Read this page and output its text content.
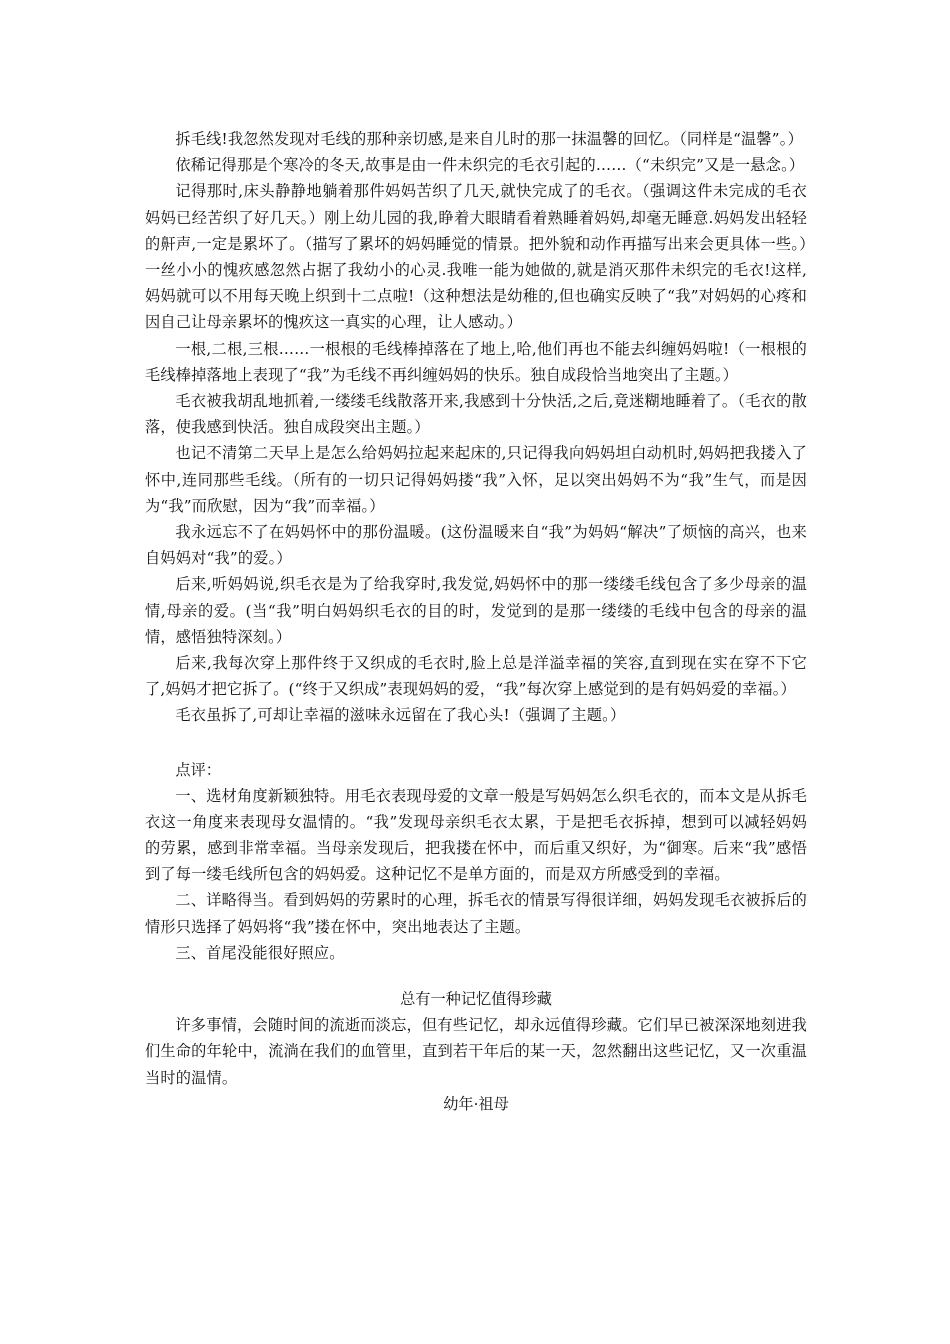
拆毛线!我忽然发现对毛线的那种亲切感,是来自儿时的那一抹温馨的回忆。（同样是“温馨”。）

依稀记得那是个寒冷的冬天,故事是由一件未织完的毛衣引起的……（“未织完”又是一悬念。）

记得那时,床头静静地躺着那件妈妈苦织了几天,就快完成了的毛衣。（强调这件未完成的毛衣妈妈已经苦织了好几天。）刚上幼儿园的我,睁着大眼睛看着熟睡着妈妈,却毫无睡意.妈妈发出轻轻的鼾声,一定是累坏了。（描写了累坏的妈妈睡觉的情景。把外貌和动作再描写出来会更具体一些。）一丝小小的愧疚感忽然占据了我幼小的心灵.我唯一能为她做的,就是消灭那件未织完的毛衣!这样,妈妈就可以不用每天晚上织到十二点啦!（这种想法是幼稚的,但也确实反映了“我”对妈妈的心疼和因自己让母亲累坏的愧疚这一真实的心理，让人感动。）

一根,二根,三根……一根根的毛线棒掉落在了地上,哈,他们再也不能去纠缠妈妈啦!（一根根的毛线棒掉落地上表现了“我”为毛线不再纠缠妈妈的快乐。独自成段恰当地突出了主题。）

毛衣被我胡乱地抓着,一缕缕毛线散落开来,我感到十分快活,之后,竟迷糊地睡着了。（毛衣的散落，使我感到快活。独自成段突出主题。）

也记不清第二天早上是怎么给妈妈拉起来起床的,只记得我向妈妈坦白动机时,妈妈把我搂入了怀中,连同那些毛线。（所有的一切只记得妈妈搂“我”入怀，足以突出妈妈不为“我”生气，而是因为“我”而欣慰，因为“我”而幸福。）

我永远忘不了在妈妈怀中的那份温暖。(这份温暖来自“我”为妈妈“解决”了烦恼的高兴，也来自妈妈对“我”的爱。）

后来,听妈妈说,织毛衣是为了给我穿时,我发觉,妈妈怀中的那一缕缕毛线包含了多少母亲的温情,母亲的爱。(当“我”明白妈妈织毛衣的目的时，发觉到的是那一缕缕的毛线中包含的母亲的温情，感悟独特深刻。）

后来,我每次穿上那件终于又织成的毛衣时,脸上总是洋溢幸福的笑容,直到现在实在穿不下它了,妈妈才把它拆了。(“终于又织成”表现妈妈的爱，“我”每次穿上感觉到的是有妈妈爱的幸福。）

毛衣虽拆了,可却让幸福的滋味永远留在了我心头!（强调了主题。）

点评：

一、选材角度新颖独特。用毛衣表现母爱的文章一般是写妈妈怎么织毛衣的，而本文是从拆毛衣这一角度来表现母女温情的。“我”发现母亲织毛衣太累，于是把毛衣拆掉，想到可以减轻妈妈的劳累，感到非常幸福。当母亲发现后，把我搂在怀中，而后重又织好，为“御寒。后来“我”感悟到了每一缕毛线所包含的妈妈爱。这种记忆不是单方面的，而是双方所感受到的幸福。

二、详略得当。看到妈妈的劳累时的心理，拆毛衣的情景写得很详细，妈妈发现毛衣被拆后的情形只选择了妈妈将“我”搂在怀中，突出地表达了主题。

三、首尾没能很好照应。

总有一种记忆值得珍藏

许多事情，会随时间的流逝而淡忘，但有些记忆，却永远值得珍藏。它们早已被深深地刻进我们生命的年轮中，流淌在我们的血管里，直到若干年后的某一天，忽然翻出这些记忆，又一次重温当时的温情。

幼年·祖母
